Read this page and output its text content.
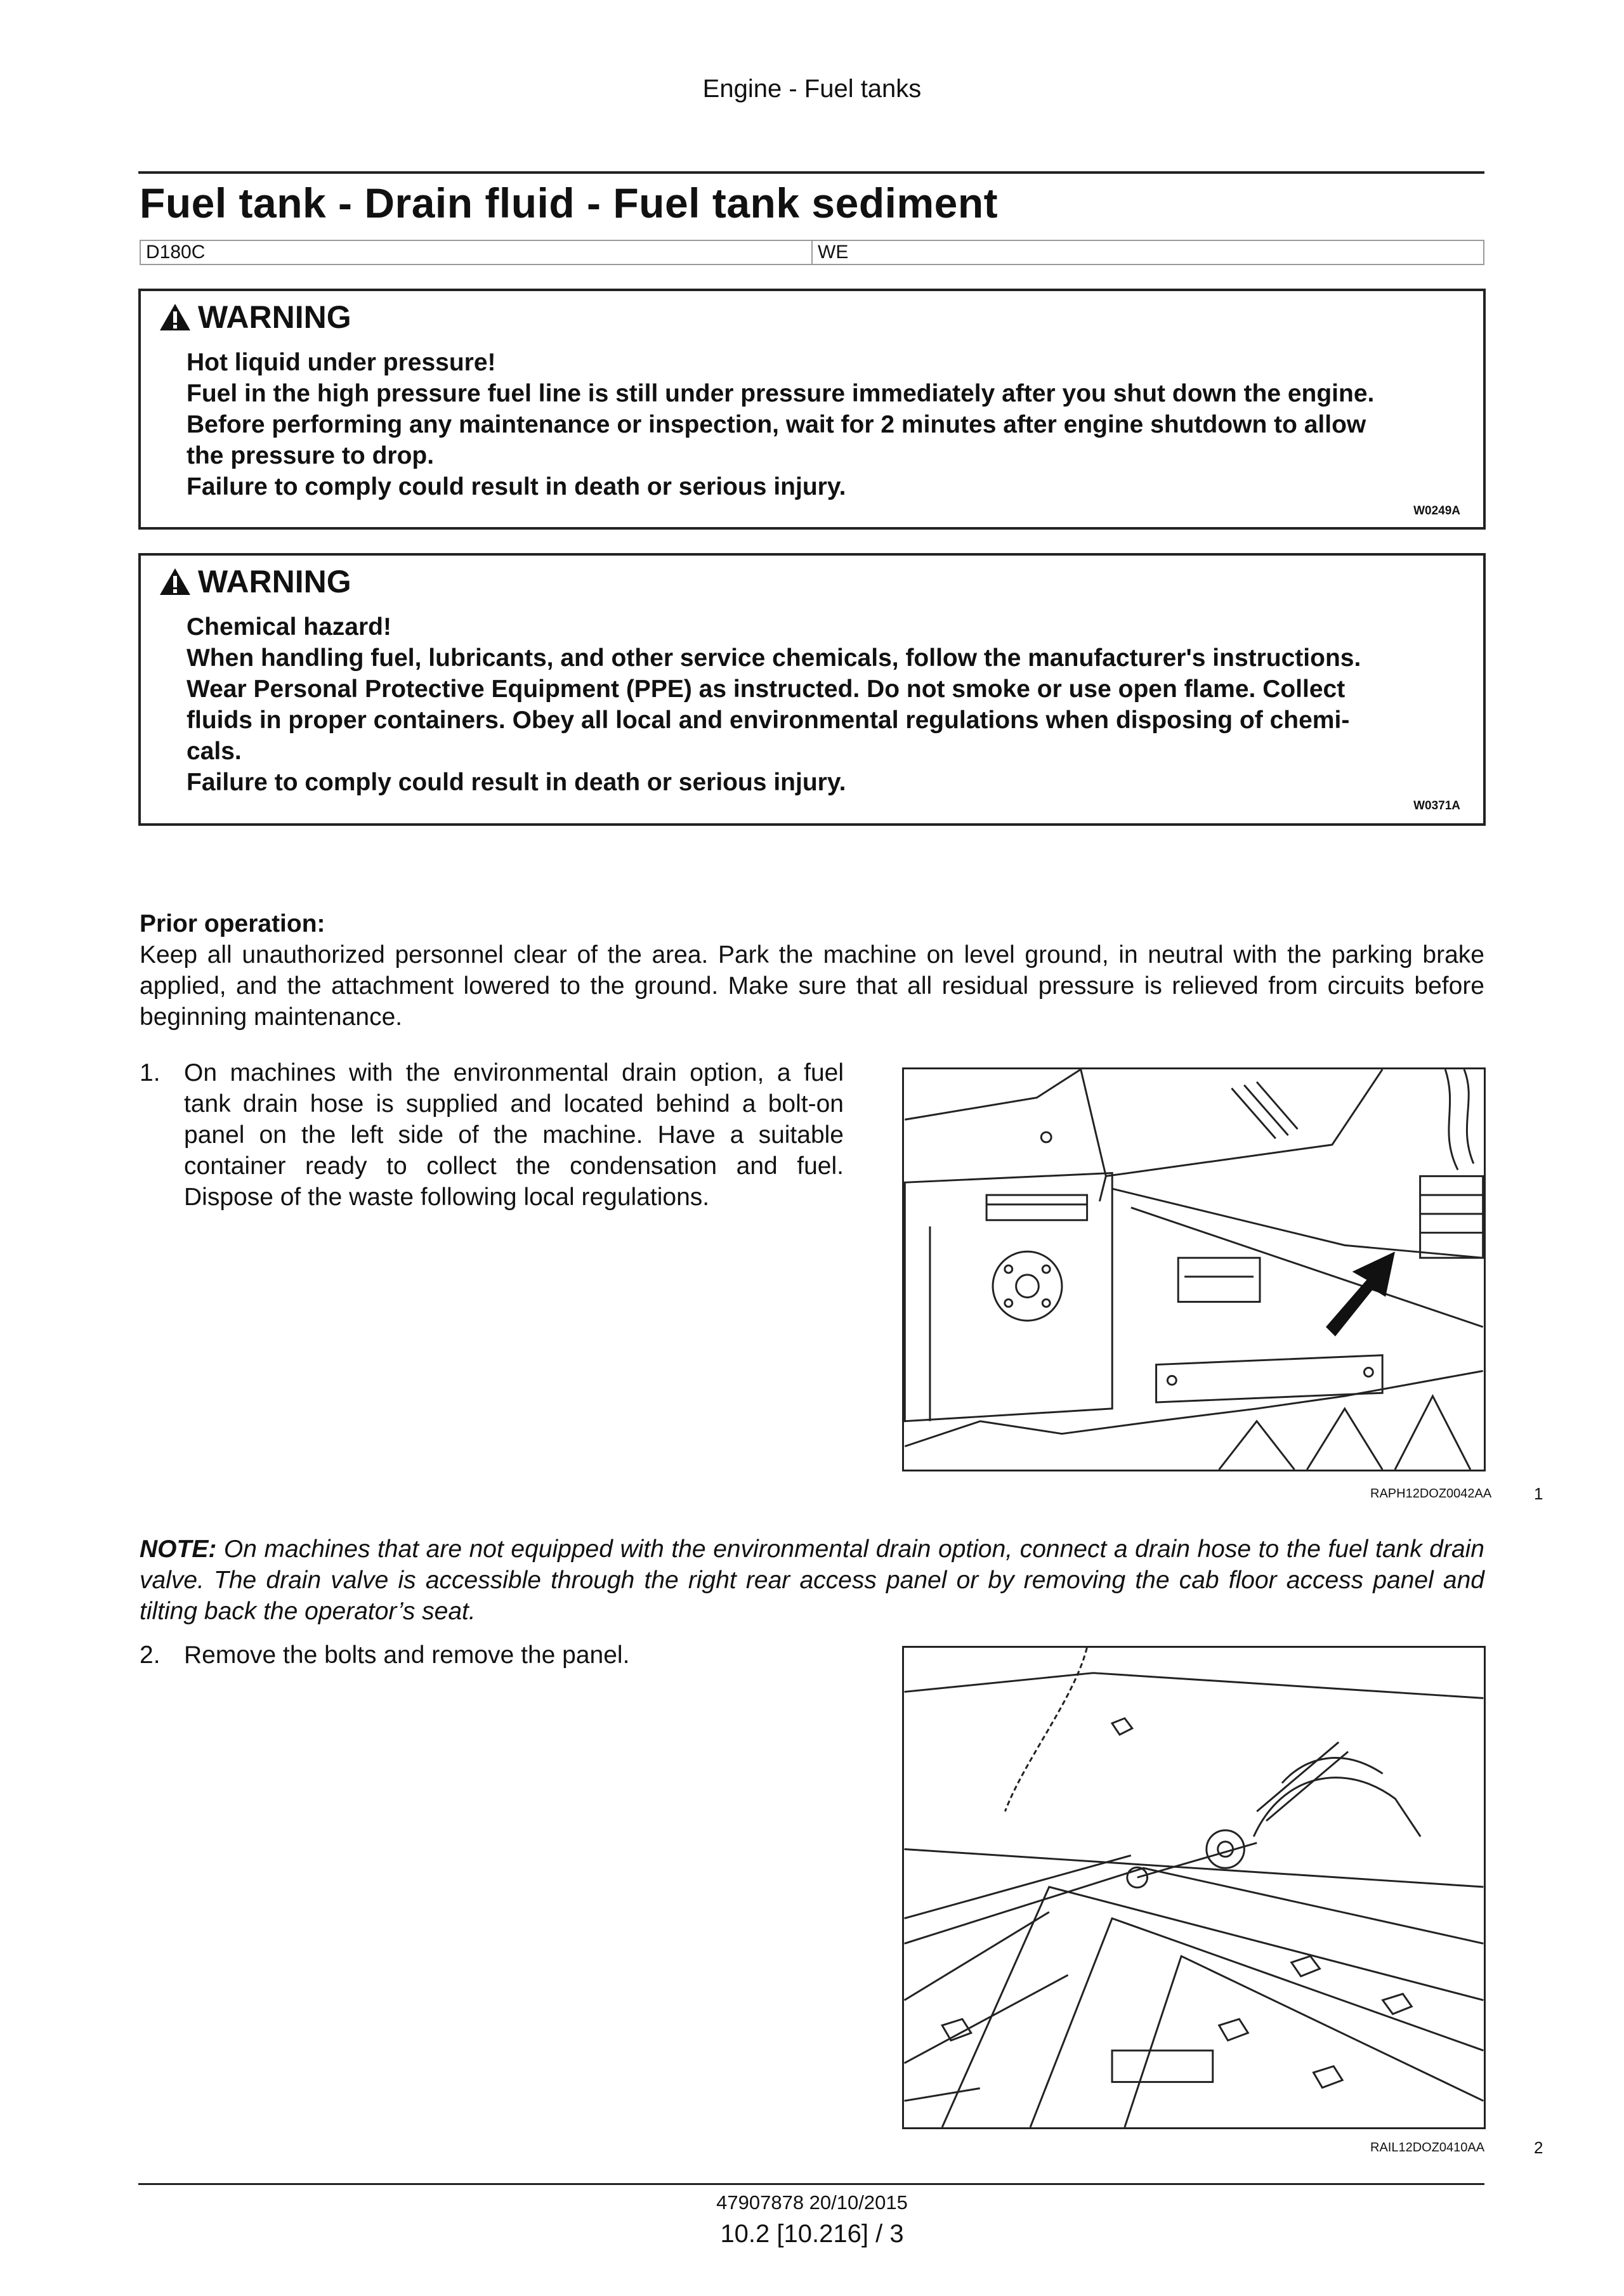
Engine - Fuel tanks
Fuel tank - Drain fluid - Fuel tank sediment
D180C	WE
WARNING
Hot liquid under pressure!
Fuel in the high pressure fuel line is still under pressure immediately after you shut down the engine.
Before performing any maintenance or inspection, wait for 2 minutes after engine shutdown to allow
the pressure to drop.
Failure to comply could result in death or serious injury.
W0249A
WARNING
Chemical hazard!
When handling fuel, lubricants, and other service chemicals, follow the manufacturer's instructions.
Wear Personal Protective Equipment (PPE) as instructed. Do not smoke or use open flame. Collect
fluids in proper containers. Obey all local and environmental regulations when disposing of chemi-
cals.
Failure to comply could result in death or serious injury.
W0371A
Prior operation:
Keep all unauthorized personnel clear of the area. Park the machine on level ground, in neutral with the parking brake applied, and the attachment lowered to the ground. Make sure that all residual pressure is relieved from circuits before beginning maintenance.
1. On machines with the environmental drain option, a fuel tank drain hose is supplied and located behind a bolt-on panel on the left side of the machine. Have a suitable container ready to collect the condensation and fuel. Dispose of the waste following local regulations.
RAPH12DOZ0042AA	1
NOTE: On machines that are not equipped with the environmental drain option, connect a drain hose to the fuel tank drain valve. The drain valve is accessible through the right rear access panel or by removing the cab floor access panel and tilting back the operator’s seat.
2. Remove the bolts and remove the panel.
RAIL12DOZ0410AA	2
47907878 20/10/2015
10.2 [10.216] / 3
